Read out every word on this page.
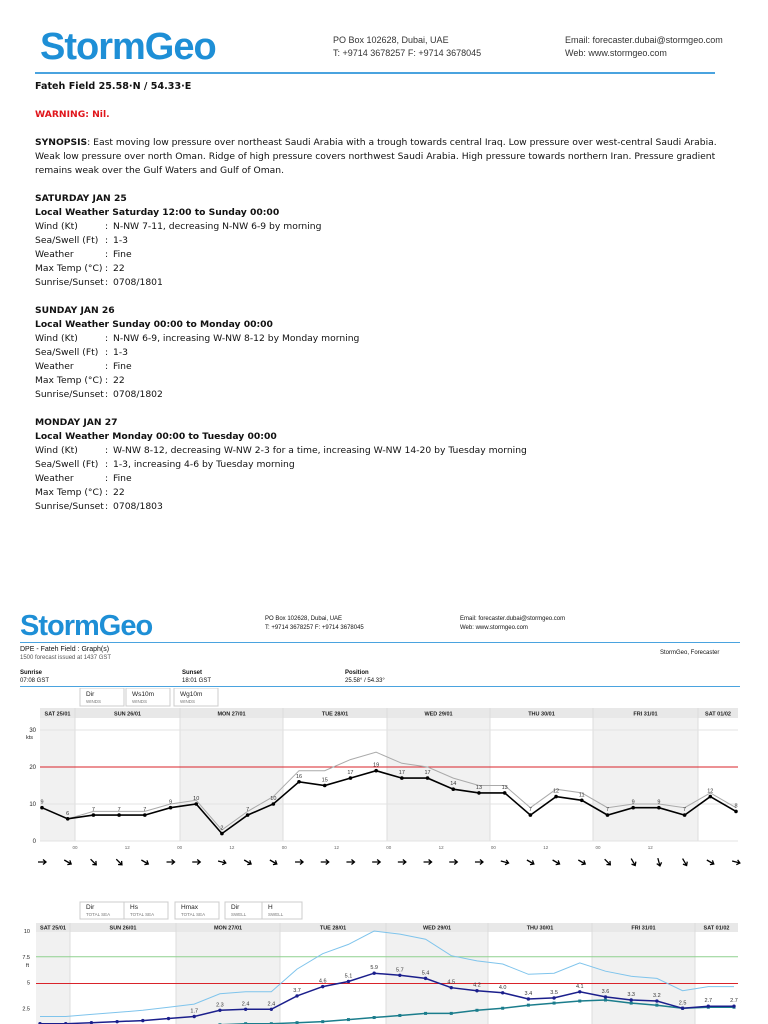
StormGeo	PO Box 102628, Dubai, UAE
T: +9714 3678257 F: +9714 3678045
Email: forecaster.dubai@stormgeo.com
Web: www.stormgeo.com
Fateh Field 25.58·N / 54.33·E
WARNING: Nil.
SYNOPSIS: East moving low pressure over northeast Saudi Arabia with a trough towards central Iraq. Low pressure over west-central Saudi Arabia. Weak low pressure over north Oman. Ridge of high pressure covers northwest Saudi Arabia. High pressure towards northern Iran. Pressure gradient remains weak over the Gulf Waters and Gulf of Oman.
SATURDAY JAN 25
Local Weather Saturday 12:00 to Sunday 00:00
Wind (Kt)	: N-NW 7-11, decreasing N-NW 6-9 by morning
Sea/Swell (Ft) : 1-3
Weather	: Fine
Max Temp (°C) : 22
Sunrise/Sunset : 0708/1801
SUNDAY JAN 26
Local Weather Sunday 00:00 to Monday 00:00
Wind (Kt)	: N-NW 6-9, increasing W-NW 8-12 by Monday morning
Sea/Swell (Ft) : 1-3
Weather	: Fine
Max Temp (°C) : 22
Sunrise/Sunset : 0708/1802
MONDAY JAN 27
Local Weather Monday 00:00 to Tuesday 00:00
Wind (Kt)	: W-NW 8-12, decreasing W-NW 2-3 for a time, increasing W-NW 14-20 by Tuesday morning
Sea/Swell (Ft) : 1-3, increasing 4-6 by Tuesday morning
Weather	: Fine
Max Temp (°C) : 22
Sunrise/Sunset : 0708/1803
StormGeo	PO Box 102628, Dubai, UAE
T: +9714 3678257 F: +9714 3678045
Email: forecaster.dubai@stormgeo.com
Web: www.stormgeo.com
DPE - Fateh Field : Graph(s)
1500 forecast issued at 1437 GST
StormGeo, Forecaster
Sunrise
07:08 GST
Sunset
18:01 GST
Position
25.58° / 54.33°
Dir
WINDS
Ws10m
WINDS
Wg10m
WINDS
SAT 25/01	SUN 26/01	MON 27/01	TUE 28/01	WED 29/01	THU 30/01	FRI 31/01	SAT 01/02
30
20
10
0
kts
9
6
7	7	7
9
10
2
7
10
16
15
17
19
17	17
14
13	13
7
12
11
7
9	9
7
12
8
00	12	00	12	00	12	00	12	00	12	00	12
Dir
TOTAL SEA
Hs
TOTAL SEA
Hmax
TOTAL SEA
Dir
SWELL
H
SWELL
SAT 25/01	SUN 26/01	MON 27/01	TUE 28/01	WED 29/01	THU 30/01	FRI 31/01	SAT 01/02
10
7.5
5
2.5
ft
1.7
2.3	2.4	2.4
3.7
4.6
5.1
5.9	5.7
5.4
4.5
4.2	4.0
3.4	3.5
4.1
3.6
3.3	3.2
2.5	2.7	2.7
